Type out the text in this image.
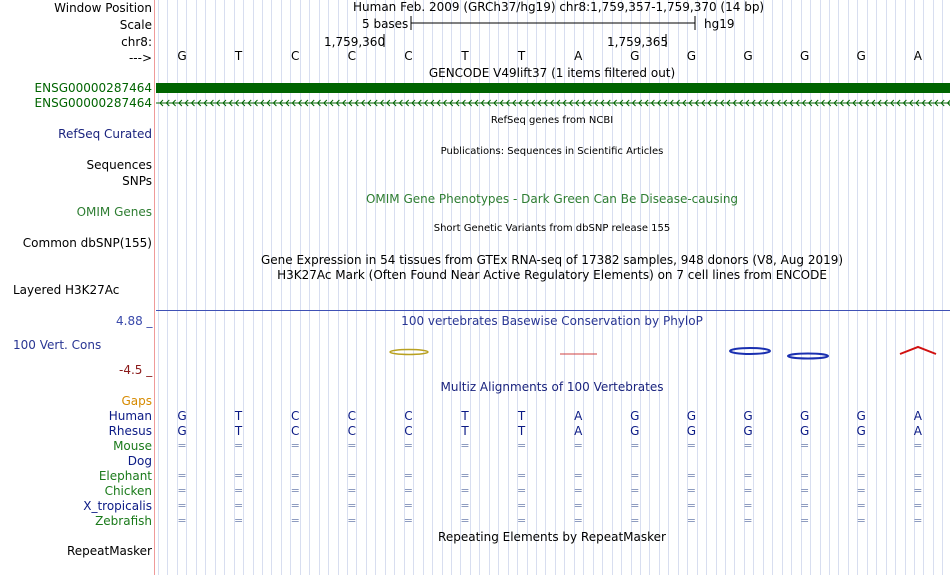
Window Position
Scale
chr8:
--->
Human Feb. 2009 (GRCh37/hg19) chr8:1,759,357-1,759,370 (14 bp)
5 bases	hg19
1,759,360	1,759,365
G	T	C	C	C	T	T	A	G	G	G	G	G	A
GENCODE V49lift37 (1 items filtered out)
ENSG00000287464
ENSG00000287464
RefSeq Curated
RefSeq genes from NCBI
Publications: Sequences in Scientific Articles
Sequences
SNPs
OMIM Gene Phenotypes - Dark Green Can Be Disease-causing
OMIM Genes
Short Genetic Variants from dbSNP release 155
Common dbSNP(155)
Gene Expression in 54 tissues from GTEx RNA-seq of 17382 samples, 948 donors (V8, Aug 2019)
H3K27Ac Mark (Often Found Near Active Regulatory Elements) on 7 cell lines from ENCODE
Layered H3K27Ac
4.88 _	100 vertebrates Basewise Conservation by PhyloP
100 Vert. Cons
-4.5 _
Multiz Alignments of 100 Vertebrates
Gaps
Human	G	T	C	C	C	T	T	A	G	G	G	G	G	A
Rhesus	G	T	C	C	C	T	T	A	G	G	G	G	G	A
Mouse	=	=	=	=	=	=	=	=	=	=	=	=	=	=
Dog
Elephant	=	=	=	=	=	=	=	=	=	=	=	=	=	=
Chicken	=	=	=	=	=	=	=	=	=	=	=	=	=	=
X_tropicalis	=	=	=	=	=	=	=	=	=	=	=	=	=	=
Zebrafish	=	=	=	=	=	=	=	=	=	=	=	=	=	=
Repeating Elements by RepeatMasker
RepeatMasker
